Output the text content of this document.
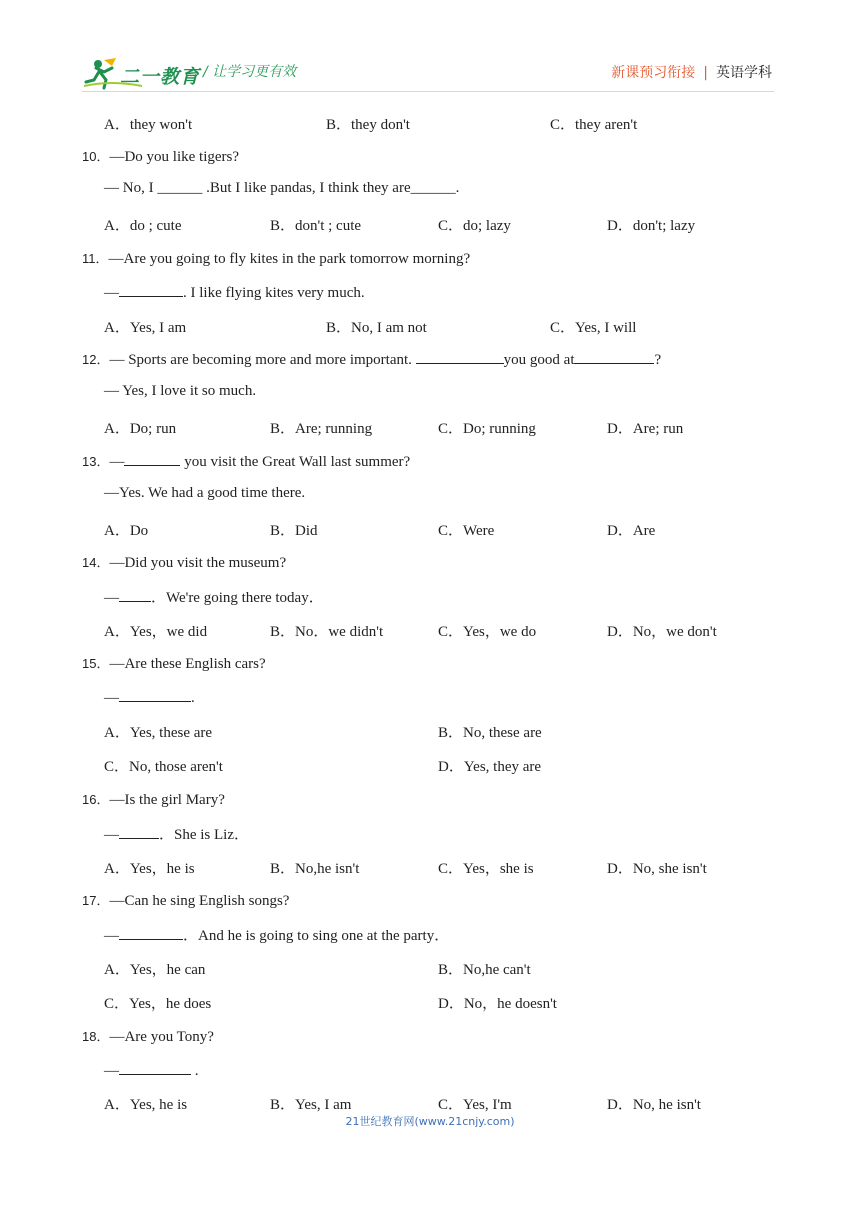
二一教育 / 让学习更有效	新课预习衔接 | 英语学科
A．they won't	B．they don't	C．they aren't
10．—Do you like tigers?
— No, I ______ .But I like pandas, I think they are______.
A．do ; cute	B．don't ; cute	C．do; lazy	D．don't; lazy
11．—Are you going to fly kites in the park tomorrow morning?
—	. I like flying kites very much.
A．Yes, I am	B．No, I am not	C．Yes, I will
12．— Sports are becoming more and more important.	you good at	?
— Yes, I love it so much.
A．Do; run	B．Are; running	C．Do; running	D．Are; run
13．—	you visit the Great Wall last summer?
—Yes. We had a good time there.
A．Do	B．Did	C．Were	D．Are
14．—Did you visit the museum?
— ．We're going there today．
A．Yes，we did	B．No．we didn't	C．Yes，we do	D．No，we don't
15．—Are these English cars?
—	.
A．Yes, these are	B．No, these are
C．No, those aren't	D．Yes, they are
16．—Is the girl Mary?
—	．She is Liz．
A．Yes，he is	B．No,he isn't	C．Yes，she is	D．No, she isn't
17．—Can he sing English songs?
—	．And he is going to sing one at the party．
A．Yes，he can	B．No,he can't
C．Yes，he does	D．No，he doesn't
18．—Are you Tony?
—	.
A．Yes, he is	B．Yes, I am	C．Yes, I'm	D．No, he isn't
21世纪教育网(www.21cnjy.com)
